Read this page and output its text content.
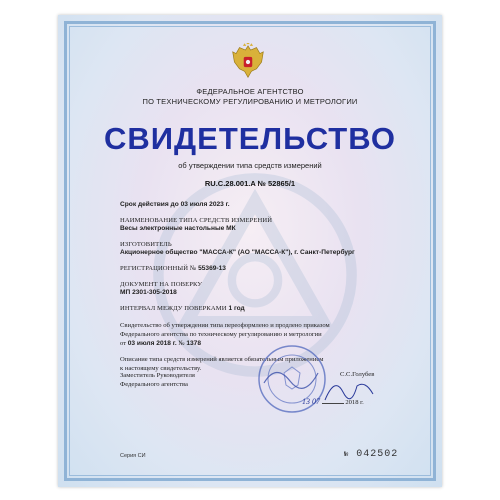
ФЕДЕРАЛЬНОЕ АГЕНТСТВО
ПО ТЕХНИЧЕСКОМУ РЕГУЛИРОВАНИЮ И МЕТРОЛОГИИ
СВИДЕТЕЛЬСТВО
об утверждении типа средств измерений
RU.C.28.001.A № 52865/1
Срок действия до 03 июля 2023 г.
НАИМЕНОВАНИЕ ТИПА СРЕДСТВ ИЗМЕРЕНИЙ
Весы электронные настольные МК
ИЗГОТОВИТЕЛЬ
Акционерное общество "МАССА-К" (АО "МАССА-К"), г. Санкт-Петербург
РЕГИСТРАЦИОННЫЙ № 55369-13
ДОКУМЕНТ НА ПОВЕРКУ
МП 2301-305-2018
ИНТЕРВАЛ МЕЖДУ ПОВЕРКАМИ 1 год
Свидетельство об утверждении типа переоформлено и продлено приказом
Федерального агентства по техническому регулированию и метрологии
от 03 июля 2018 г. № 1378
Описание типа средств измерений является обязательным приложением
к настоящему свидетельству.
Заместитель Руководителя
Федерального агентства
С.С.Голубев
13 07	2018 г.
Серия СИ	№ 042502
